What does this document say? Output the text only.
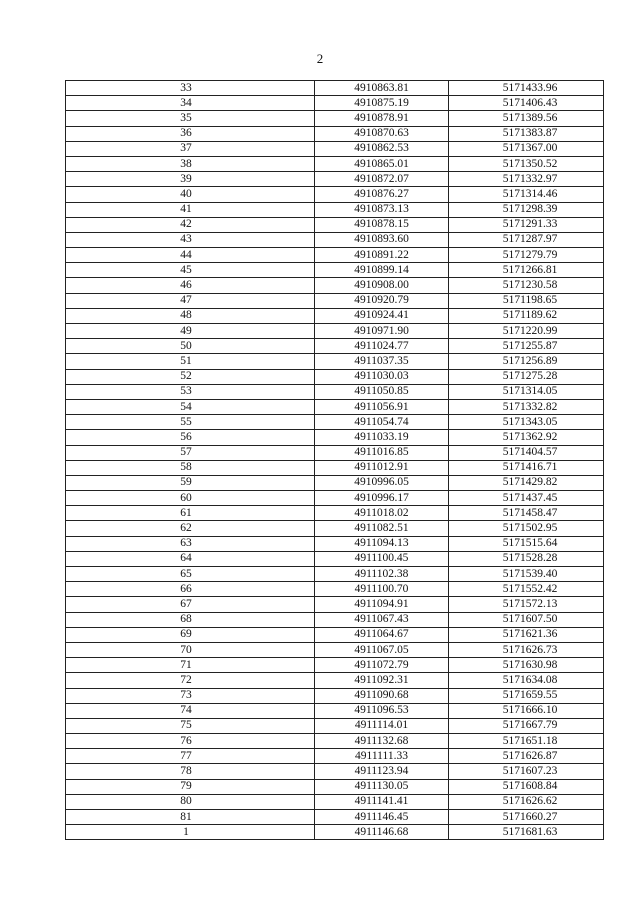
2
33	4910863.81	5171433.96
34	4910875.19	5171406.43
35	4910878.91	5171389.56
36	4910870.63	5171383.87
37	4910862.53	5171367.00
38	4910865.01	5171350.52
39	4910872.07	5171332.97
40	4910876.27	5171314.46
41	4910873.13	5171298.39
42	4910878.15	5171291.33
43	4910893.60	5171287.97
44	4910891.22	5171279.79
45	4910899.14	5171266.81
46	4910908.00	5171230.58
47	4910920.79	5171198.65
48	4910924.41	5171189.62
49	4910971.90	5171220.99
50	4911024.77	5171255.87
51	4911037.35	5171256.89
52	4911030.03	5171275.28
53	4911050.85	5171314.05
54	4911056.91	5171332.82
55	4911054.74	5171343.05
56	4911033.19	5171362.92
57	4911016.85	5171404.57
58	4911012.91	5171416.71
59	4910996.05	5171429.82
60	4910996.17	5171437.45
61	4911018.02	5171458.47
62	4911082.51	5171502.95
63	4911094.13	5171515.64
64	4911100.45	5171528.28
65	4911102.38	5171539.40
66	4911100.70	5171552.42
67	4911094.91	5171572.13
68	4911067.43	5171607.50
69	4911064.67	5171621.36
70	4911067.05	5171626.73
71	4911072.79	5171630.98
72	4911092.31	5171634.08
73	4911090.68	5171659.55
74	4911096.53	5171666.10
75	4911114.01	5171667.79
76	4911132.68	5171651.18
77	4911111.33	5171626.87
78	4911123.94	5171607.23
79	4911130.05	5171608.84
80	4911141.41	5171626.62
81	4911146.45	5171660.27
1	4911146.68	5171681.63
